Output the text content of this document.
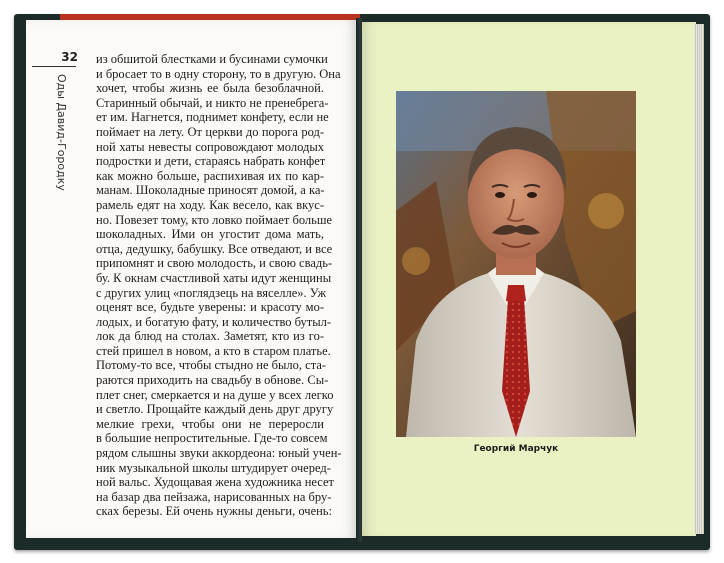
32
Оды Давид-Городку
из обшитой блестками и бусинами сумочки
и бросает то в одну сторону, то в другую. Она
хочет, чтобы жизнь ее была безоблачной.
Старинный обычай, и никто не пренебрега-
ет им. Нагнется, поднимет конфету, если не
поймает на лету. От церкви до порога род-
ной хаты невесты сопровождают молодых
подростки и дети, стараясь набрать конфет
как можно больше, распихивая их по кар-
манам. Шоколадные приносят домой, а ка-
рамель едят на ходу. Как весело, как вкус-
но. Повезет тому, кто ловко поймает больше
шоколадных. Ими он угостит дома мать,
отца, дедушку, бабушку. Все отведают, и все
припомнят и свою молодость, и свою свадь-
бу. К окнам счастливой хаты идут женщины
с других улиц «поглядзець на вяселле». Уж
оценят все, будьте уверены: и красоту мо-
лодых, и богатую фату, и количество бутыл-
лок да блюд на столах. Заметят, кто из го-
стей пришел в новом, а кто в старом платье.
Потому-то все, чтобы стыдно не было, ста-
раются приходить на свадьбу в обнове. Сы-
плет снег, смеркается и на душе у всех легко
и светло. Прощайте каждый день друг другу
мелкие грехи, чтобы они не переросли
в большие непростительные. Где-то совсем
рядом слышны звуки аккордеона: юный учен-
ник музыкальной школы штудирует очеред-
ной вальс. Худощавая жена художника несет
на базар два пейзажа, нарисованных на бру-
сках березы. Ей очень нужны деньги, очень:
Георгий Марчук
